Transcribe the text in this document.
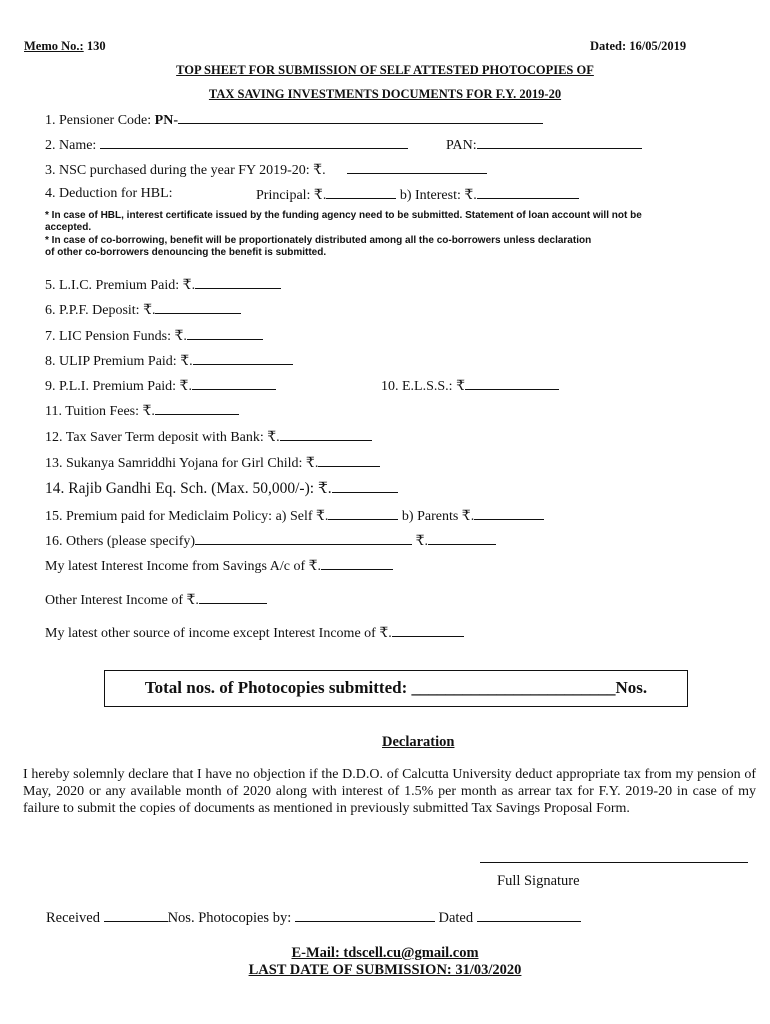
Memo No.: 130	Dated: 16/05/2019
TOP SHEET FOR SUBMISSION OF SELF ATTESTED PHOTOCOPIES OF
TAX SAVING INVESTMENTS DOCUMENTS FOR F.Y. 2019-20
1. Pensioner Code: PN-
2. Name:	PAN:
3. NSC purchased during the year FY 2019-20: ₹.
4. Deduction for HBL:	Principal: ₹.	b) Interest: ₹.
* In case of HBL, interest certificate issued by the funding agency need to be submitted. Statement of loan account will not be
accepted.
* In case of co-borrowing, benefit will be proportionately distributed among all the co-borrowers unless declaration
of other co-borrowers denouncing the benefit is submitted.
5. L.I.C. Premium Paid: ₹.
6. P.P.F. Deposit: ₹.
7. LIC Pension Funds: ₹.
8. ULIP Premium Paid: ₹.
9. P.L.I. Premium Paid: ₹.	10. E.L.S.S.: ₹
11. Tuition Fees: ₹.
12. Tax Saver Term deposit with Bank: ₹.
13. Sukanya Samriddhi Yojana for Girl Child: ₹.
14. Rajib Gandhi Eq. Sch. (Max. 50,000/-): ₹.
15. Premium paid for Mediclaim Policy: a) Self ₹.	b) Parents ₹.
16. Others (please specify)	₹.
My latest Interest Income from Savings A/c of ₹.
Other Interest Income of ₹.
My latest other source of income except Interest Income of ₹.
Total nos. of Photocopies submitted: ________________________Nos.
Declaration
I hereby solemnly declare that I have no objection if the D.D.O. of Calcutta University deduct appropriate tax from my pension of May, 2020 or any available month of 2020 along with interest of 1.5% per month as arrear tax for F.Y. 2019-20 in case of my failure to submit the copies of documents as mentioned in previously submitted Tax Savings Proposal Form.
Full Signature
Received	Nos. Photocopies by:	Dated
E-Mail: tdscell.cu@gmail.com
LAST DATE OF SUBMISSION: 31/03/2020
